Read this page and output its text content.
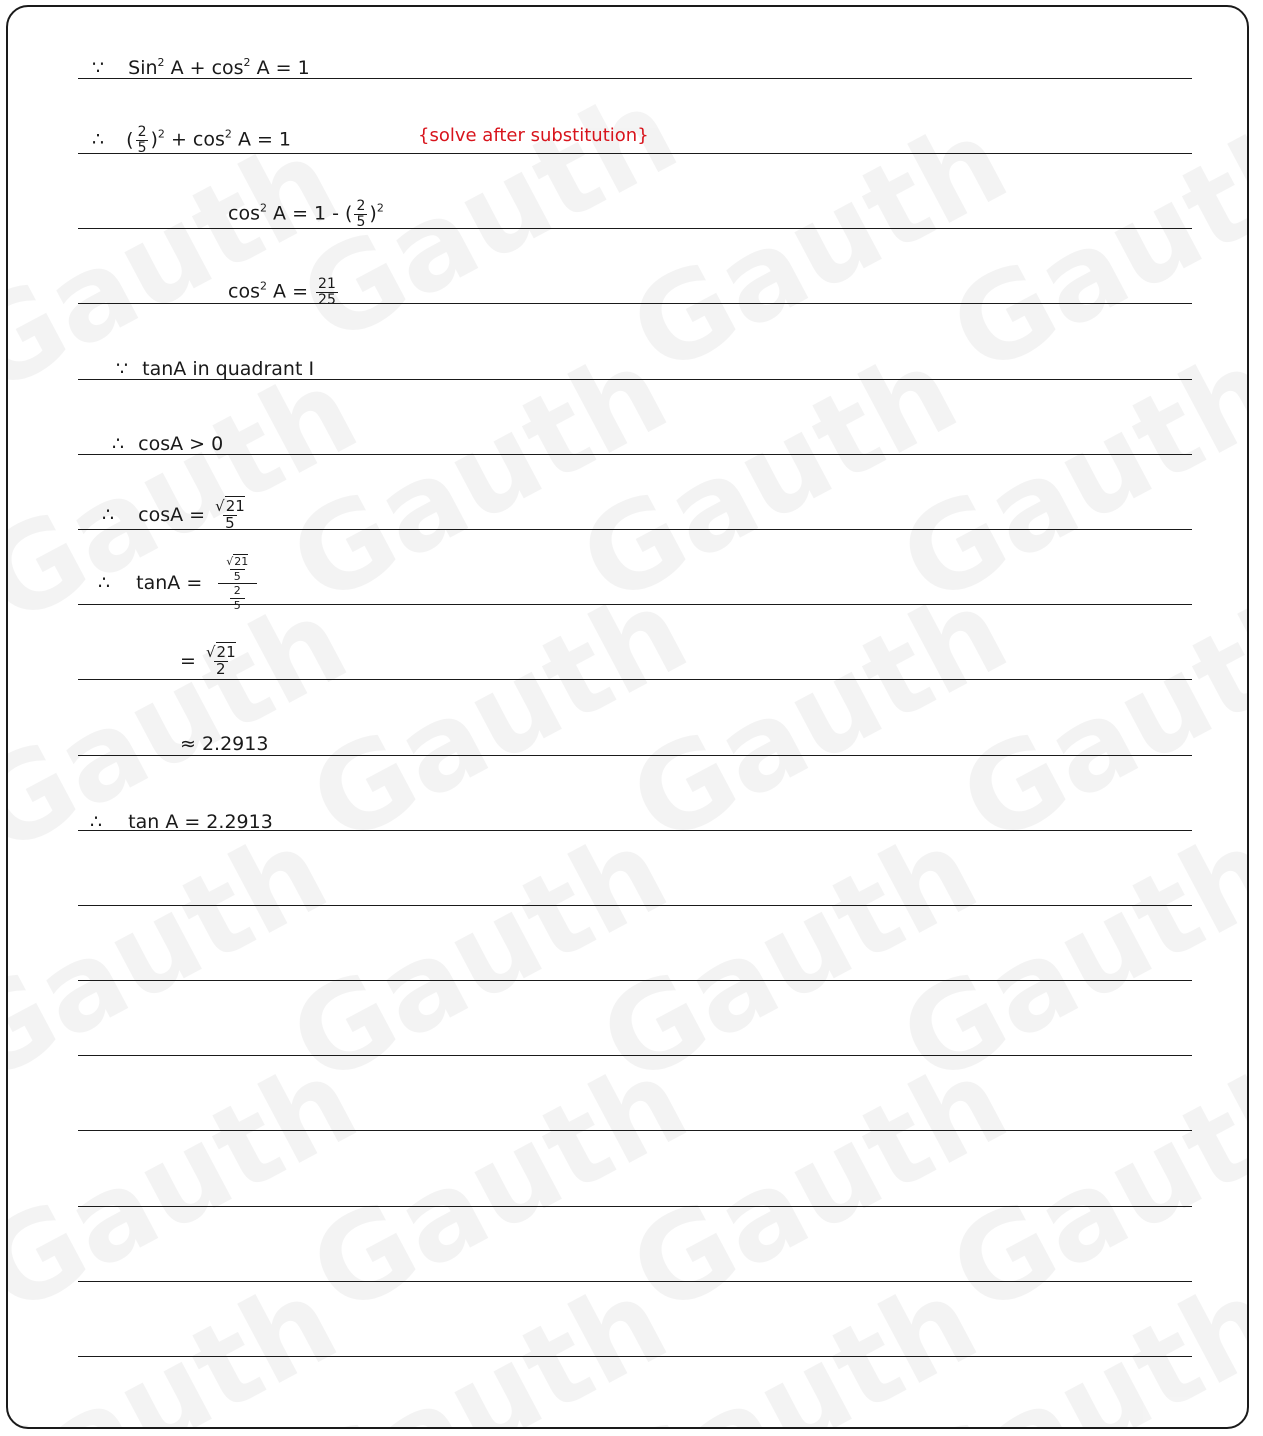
∵ Sin$^2$ $A + \cos^2 A = 1$
∴ ( $\frac{2}{5} )^2 + \cos^2 A = 1$	{solve after substitution}
$\cos^2 A = 1$ - ( $\frac{2}{5} )^2$
$\cos^2 A = \frac{21}{25}$
∵ tanA in quadrant I
∴ cosA > 0
∴ $\cos A = \frac{√21}{5}$
∴ $\tan A = \frac{\frac{√21}{5}}{\frac{2}{5}}$
= $\frac{√21}{2}$
≈ 2.2913
∴ tan A = 2.2913
